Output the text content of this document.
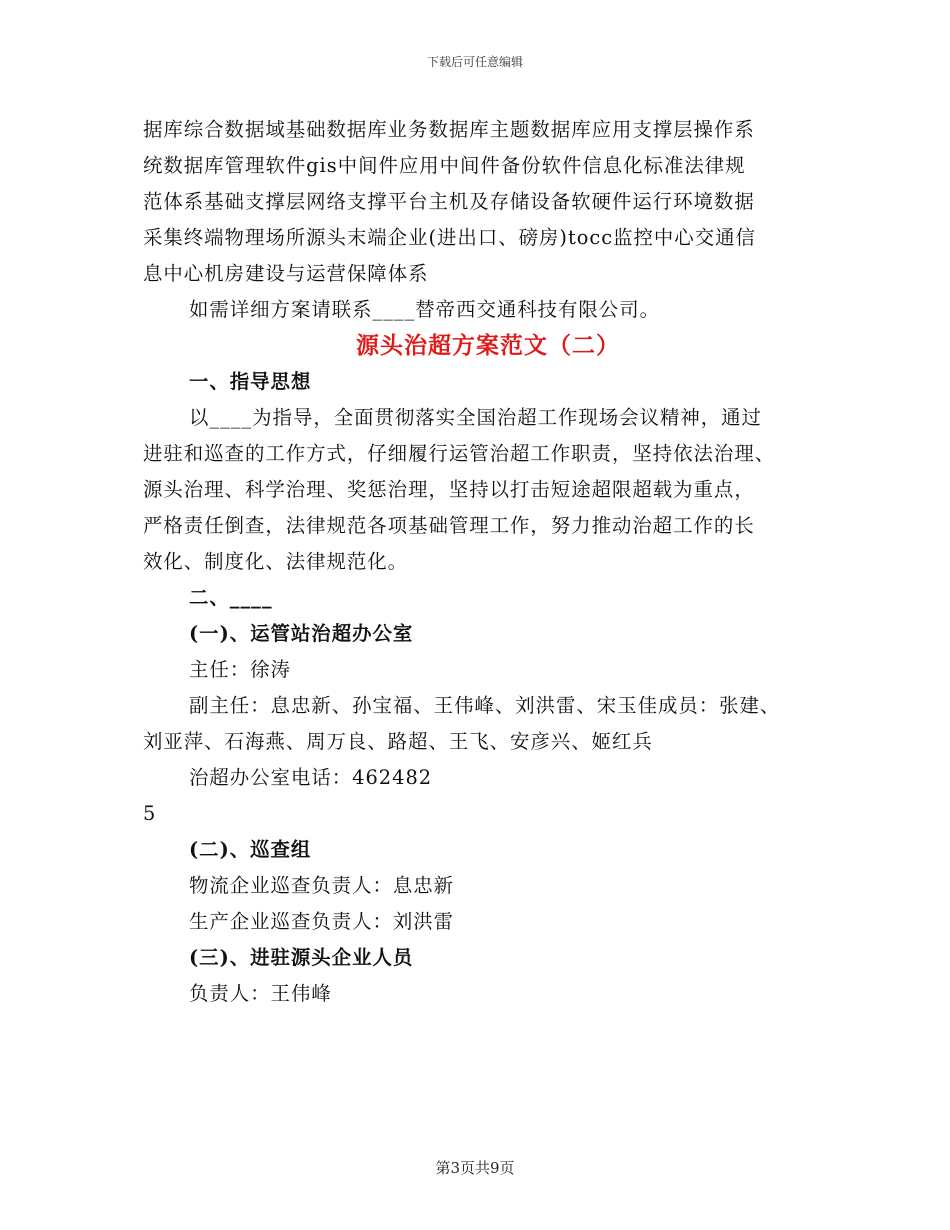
下载后可任意编辑

据库综合数据域基础数据库业务数据库主题数据库应用支撑层操作系

统数据库管理软件gis中间件应用中间件备份软件信息化标准法律规

范体系基础支撑层网络支撑平台主机及存储设备软硬件运行环境数据

采集终端物理场所源头末端企业(进出口、磅房)tocc监控中心交通信

息中心机房建设与运营保障体系

如需详细方案请联系____替帝西交通科技有限公司。

源头治超方案范文（二）

一、指导思想

以____为指导，全面贯彻落实全国治超工作现场会议精神，通过

进驻和巡查的工作方式，仔细履行运管治超工作职责，坚持依法治理、

源头治理、科学治理、奖惩治理，坚持以打击短途超限超载为重点，

严格责任倒查，法律规范各项基础管理工作，努力推动治超工作的长

效化、制度化、法律规范化。

二、____

(一)、运管站治超办公室

主任：徐涛

副主任：息忠新、孙宝福、王伟峰、刘洪雷、宋玉佳成员：张建、

刘亚萍、石海燕、周万良、路超、王飞、安彦兴、姬红兵

治超办公室电话：462482

5

(二)、巡查组

物流企业巡查负责人：息忠新

生产企业巡查负责人：刘洪雷

(三)、进驻源头企业人员

负责人：王伟峰

第3页共9页
